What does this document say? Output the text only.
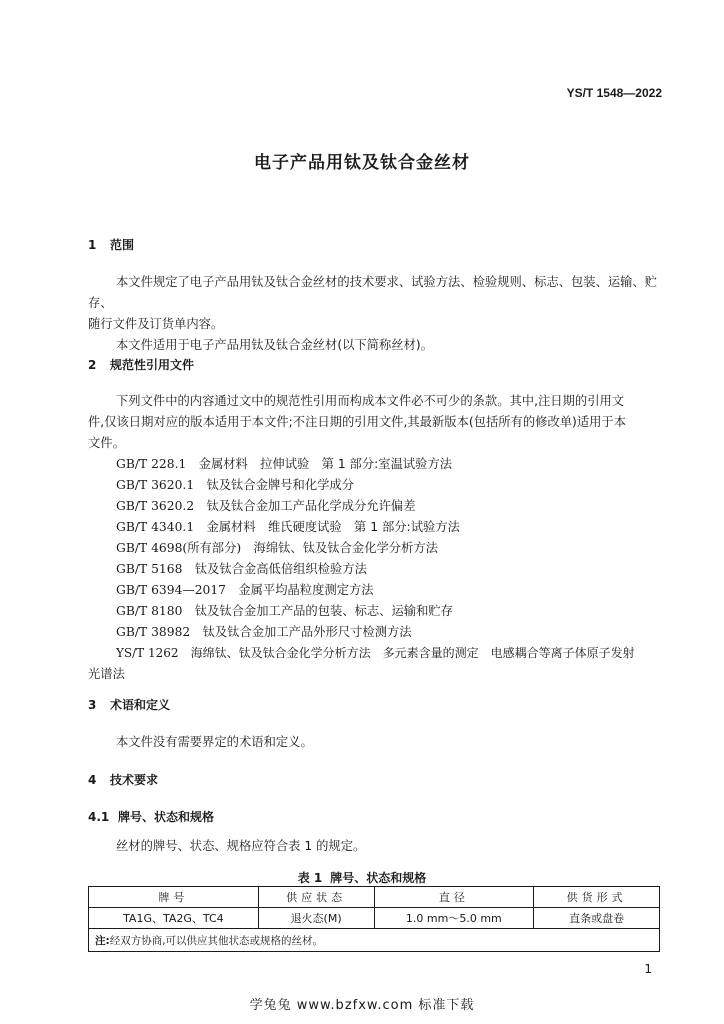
YS/T 1548—2022
电子产品用钛及钛合金丝材
1 范围
本文件规定了电子产品用钛及钛合金丝材的技术要求、试验方法、检验规则、标志、包装、运输、贮存、
随行文件及订货单内容。
本文件适用于电子产品用钛及钛合金丝材(以下简称丝材)。
2 规范性引用文件
下列文件中的内容通过文中的规范性引用而构成本文件必不可少的条款。其中,注日期的引用文
件,仅该日期对应的版本适用于本文件;不注日期的引用文件,其最新版本(包括所有的修改单)适用于本
文件。
GB/T 228.1　 金属材料　拉伸试验　第 1 部分:室温试验方法
GB/T 3620.1　 钛及钛合金牌号和化学成分
GB/T 3620.2　 钛及钛合金加工产品化学成分允许偏差
GB/T 4340.1　 金属材料　维氏硬度试验　第 1 部分:试验方法
GB/T 4698(所有部分)　 海绵钛、钛及钛合金化学分析方法
GB/T 5168　 钛及钛合金高低倍组织检验方法
GB/T 6394—2017　 金属平均晶粒度测定方法
GB/T 8180　 钛及钛合金加工产品的包装、标志、运输和贮存
GB/T 38982　 钛及钛合金加工产品外形尺寸检测方法
YS/T 1262　 海绵钛、钛及钛合金化学分析方法　多元素含量的测定　电感耦合等离子体原子发射
光谱法
3 术语和定义
本文件没有需要界定的术语和定义。
4 技术要求
4.1 牌号、状态和规格
丝材的牌号、状态、规格应符合表 1 的规定。
表 1 牌号、状态和规格
牌号	供应状态	直径	供货形式
TA1G、TA2G、TC4	退火态(M)	1.0 mm～5.0 mm	直条或盘卷
注:经双方协商,可以供应其他状态或规格的丝材。			
1
学兔兔 www.bzfxw.com 标准下载
